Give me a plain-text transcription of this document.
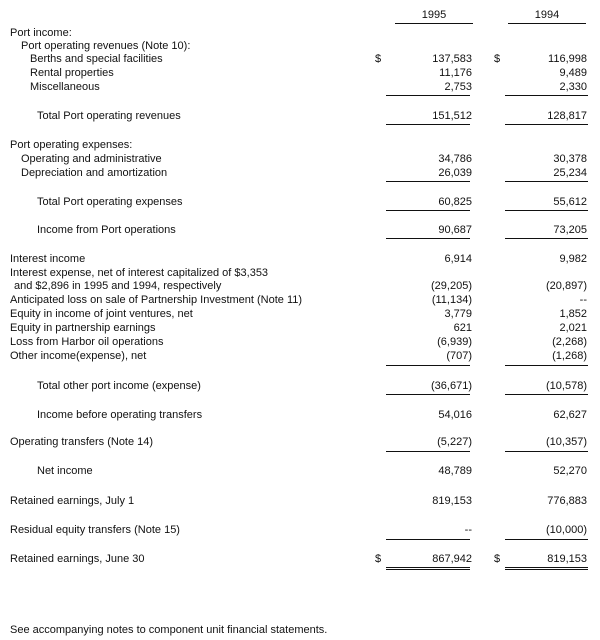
1995	1994
Port income:
Port operating revenues (Note 10):
Berths and special facilities	$	137,583 $	116,998
Rental properties	11,176	9,489
Miscellaneous	2,753	2,330
Total Port operating revenues	151,512	128,817
Port operating expenses:
Operating and administrative	34,786	30,378
Depreciation and amortization	26,039	25,234
Total Port operating expenses	60,825	55,612
Income from Port operations	90,687	73,205
Interest income	6,914	9,982
Interest expense, net of interest capitalized of $3,353
and $2,896 in 1995 and 1994, respectively	(29,205)	(20,897)
Anticipated loss on sale of Partnership Investment (Note 11)	(11,134)	--
Equity in income of joint ventures, net	3,779	1,852
Equity in partnership earnings	621	2,021
Loss from Harbor oil operations	(6,939)	(2,268)
Other income(expense), net	(707)	(1,268)
Total other port income (expense)	(36,671)	(10,578)
Income before operating transfers	54,016	62,627
Operating transfers (Note 14)	(5,227)	(10,357)
Net income	48,789	52,270
Retained earnings, July 1	819,153	776,883
Residual equity transfers (Note 15)	--	(10,000)
Retained earnings, June 30	$	867,942 $	819,153
See accompanying notes to component unit financial statements.
